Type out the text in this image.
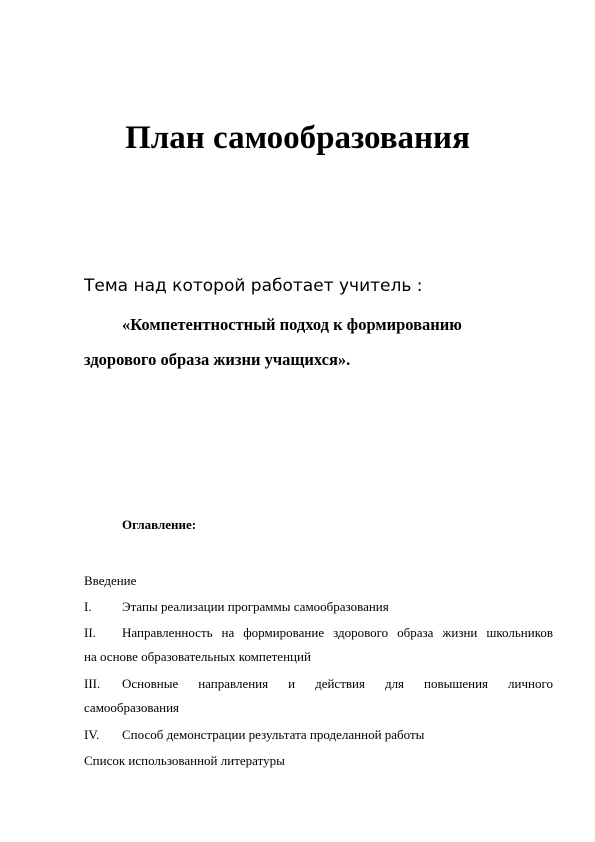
План самообразования
Тема над которой работает учитель :
«Компетентностный подход к формированию
здорового образа жизни учащихся».
Оглавление:
Введение
I. Этапы реализации программы самообразования
II. Направленность на формирование здорового образа жизни школьников
на основе образовательных компетенций
III. Основные направления и действия для повышения личного
самообразования
IV. Способ демонстрации результата проделанной работы
Список использованной литературы
